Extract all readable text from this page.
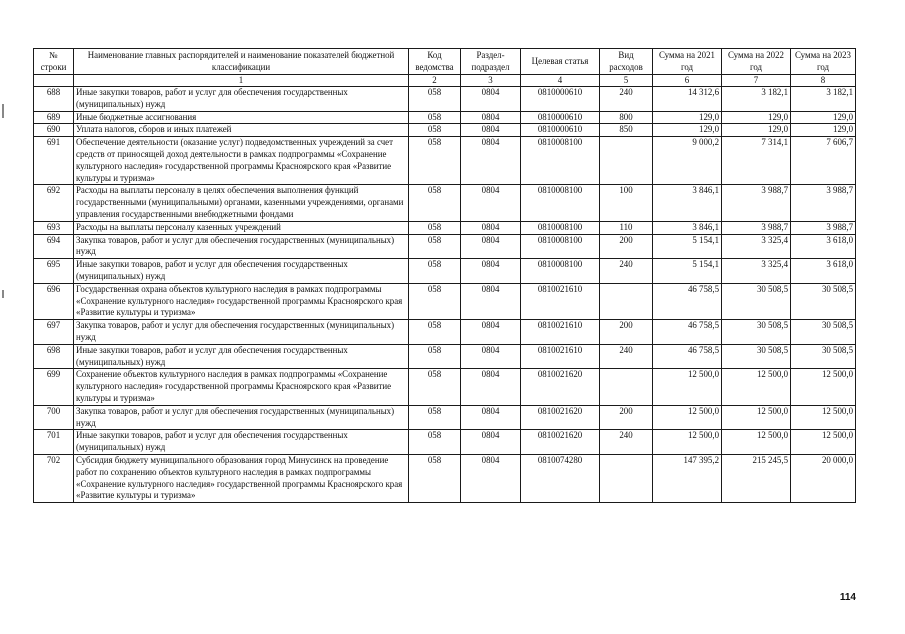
№ строки	Наименование главных распорядителей и наименование показателей бюджетной классификации	Код ведомства	Раздел-подраздел	Целевая статья	Вид расходов	Сумма на 2021 год	Сумма на 2022 год	Сумма на 2023 год
	1	2	3	4	5	6	7	8
688	Иные закупки товаров, работ и услуг для обеспечения государственных (муниципальных) нужд	058	0804	0810000610	240	14 312,6	3 182,1	3 182,1
689	Иные бюджетные ассигнования	058	0804	0810000610	800	129,0	129,0	129,0
690	Уплата налогов, сборов и иных платежей	058	0804	0810000610	850	129,0	129,0	129,0
691	Обеспечение деятельности (оказание услуг) подведомственных учреждений за счет средств от приносящей доход деятельности в рамках подпрограммы «Сохранение культурного наследия» государственной программы Красноярского края «Развитие культуры и туризма»	058	0804	0810008100		9 000,2	7 314,1	7 606,7
692	Расходы на выплаты персоналу в целях обеспечения выполнения функций государственными (муниципальными) органами, казенными учреждениями, органами управления государственными внебюджетными фондами	058	0804	0810008100	100	3 846,1	3 988,7	3 988,7
693	Расходы на выплаты персоналу казенных учреждений	058	0804	0810008100	110	3 846,1	3 988,7	3 988,7
694	Закупка товаров, работ и услуг для обеспечения государственных (муниципальных) нужд	058	0804	0810008100	200	5 154,1	3 325,4	3 618,0
695	Иные закупки товаров, работ и услуг для обеспечения государственных (муниципальных) нужд	058	0804	0810008100	240	5 154,1	3 325,4	3 618,0
696	Государственная охрана объектов культурного наследия в рамках подпрограммы «Сохранение культурного наследия» государственной программы Красноярского края «Развитие культуры и туризма»	058	0804	0810021610		46 758,5	30 508,5	30 508,5
697	Закупка товаров, работ и услуг для обеспечения государственных (муниципальных) нужд	058	0804	0810021610	200	46 758,5	30 508,5	30 508,5
698	Иные закупки товаров, работ и услуг для обеспечения государственных (муниципальных) нужд	058	0804	0810021610	240	46 758,5	30 508,5	30 508,5
699	Сохранение объектов культурного наследия в рамках подпрограммы «Сохранение культурного наследия» государственной программы Красноярского края «Развитие культуры и туризма»	058	0804	0810021620		12 500,0	12 500,0	12 500,0
700	Закупка товаров, работ и услуг для обеспечения государственных (муниципальных) нужд	058	0804	0810021620	200	12 500,0	12 500,0	12 500,0
701	Иные закупки товаров, работ и услуг для обеспечения государственных (муниципальных) нужд	058	0804	0810021620	240	12 500,0	12 500,0	12 500,0
702	Субсидия бюджету муниципального образования город Минусинск на проведение работ по сохранению объектов культурного наследия в рамках подпрограммы «Сохранение культурного наследия» государственной программы Красноярского края «Развитие культуры и туризма»	058	0804	0810074280		147 395,2	215 245,5	20 000,0
114
